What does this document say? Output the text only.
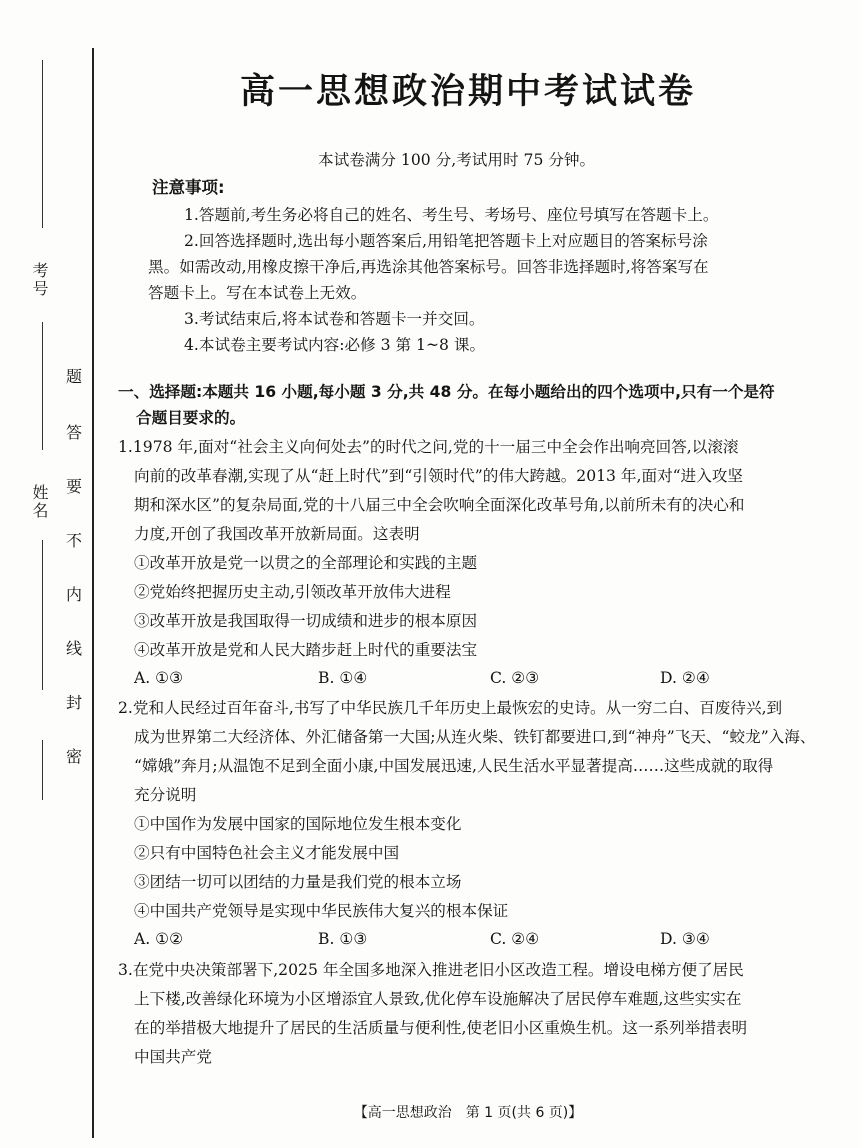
考号
姓名
题
答
要
不
内
线
封
密
高一思想政治期中考试试卷
本试卷满分 100 分,考试用时 75 分钟。
注意事项:
1.答题前,考生务必将自己的姓名、考生号、考场号、座位号填写在答题卡上。
2.回答选择题时,选出每小题答案后,用铅笔把答题卡上对应题目的答案标号涂
黑。如需改动,用橡皮擦干净后,再选涂其他答案标号。回答非选择题时,将答案写在
答题卡上。写在本试卷上无效。
3.考试结束后,将本试卷和答题卡一并交回。
4.本试卷主要考试内容:必修 3 第 1~8 课。
一、选择题:本题共 16 小题,每小题 3 分,共 48 分。在每小题给出的四个选项中,只有一个是符
合题目要求的。
1.1978 年,面对“社会主义向何处去”的时代之问,党的十一届三中全会作出响亮回答,以滚滚
向前的改革春潮,实现了从“赶上时代”到“引领时代”的伟大跨越。2013 年,面对“进入攻坚
期和深水区”的复杂局面,党的十八届三中全会吹响全面深化改革号角,以前所未有的决心和
力度,开创了我国改革开放新局面。这表明
①改革开放是党一以贯之的全部理论和实践的主题
②党始终把握历史主动,引领改革开放伟大进程
③改革开放是我国取得一切成绩和进步的根本原因
④改革开放是党和人民大踏步赶上时代的重要法宝
A. ①③	B. ①④	C. ②③	D. ②④
2.党和人民经过百年奋斗,书写了中华民族几千年历史上最恢宏的史诗。从一穷二白、百废待兴,到
成为世界第二大经济体、外汇储备第一大国;从连火柴、铁钉都要进口,到“神舟”飞天、“蛟龙”入海、
“嫦娥”奔月;从温饱不足到全面小康,中国发展迅速,人民生活水平显著提高……这些成就的取得
充分说明
①中国作为发展中国家的国际地位发生根本变化
②只有中国特色社会主义才能发展中国
③团结一切可以团结的力量是我们党的根本立场
④中国共产党领导是实现中华民族伟大复兴的根本保证
A. ①②	B. ①③	C. ②④	D. ③④
3.在党中央决策部署下,2025 年全国多地深入推进老旧小区改造工程。增设电梯方便了居民
上下楼,改善绿化环境为小区增添宜人景致,优化停车设施解决了居民停车难题,这些实实在
在的举措极大地提升了居民的生活质量与便利性,使老旧小区重焕生机。这一系列举措表明
中国共产党
【高一思想政治　第 1 页(共 6 页)】
